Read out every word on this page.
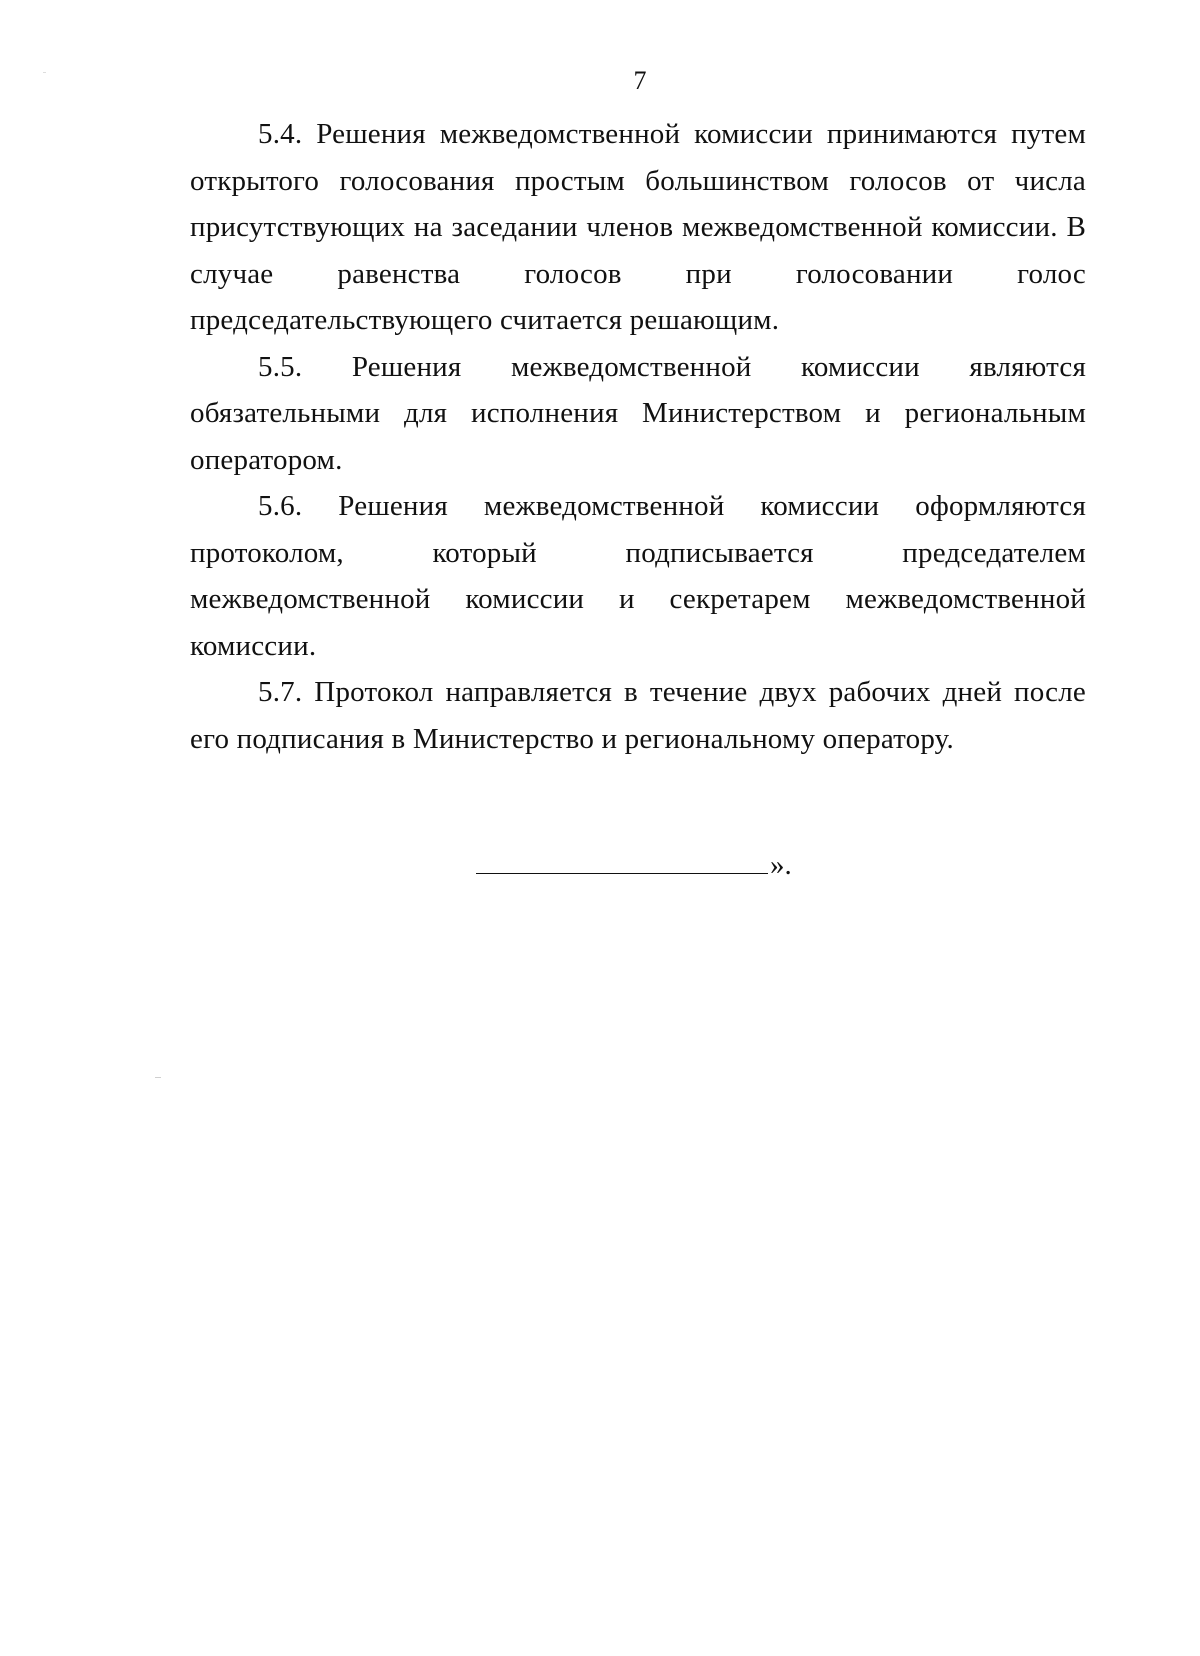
7

5.4. Решения межведомственной комиссии принимаются путем открытого голосования простым большинством голосов от числа присутствующих на заседании членов межведомственной комиссии. В случае равенства голосов при голосовании голос председательствующего считается решающим.

5.5. Решения межведомственной комиссии являются обязательными для исполнения Министерством и региональным оператором.

5.6. Решения межведомственной комиссии оформляются протоколом, который подписывается председателем межведомственной комиссии и секретарем межведомственной комиссии.

5.7. Протокол направляется в течение двух рабочих дней после его подписания в Министерство и региональному оператору.

».
